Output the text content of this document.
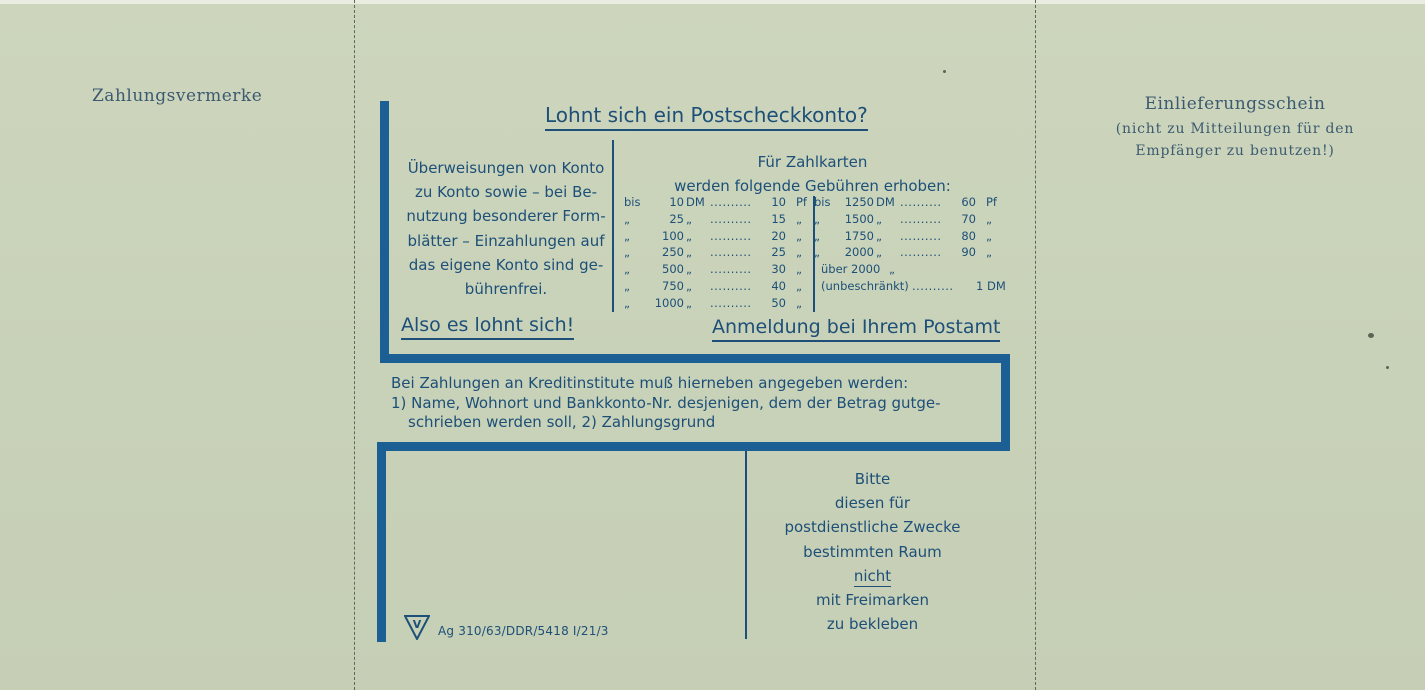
Zahlungsvermerke	Einlieferungsschein
(nicht zu Mitteilungen für den
Empfänger zu benutzen!)
Lohnt sich ein Postscheckkonto?
Überweisungen von Konto
zu Konto sowie – bei Be-
nutzung besonderer Form-
blätter – Einzahlungen auf
das eigene Konto sind ge-
bührenfrei.
Also es lohnt sich!	Anmeldung bei Ihrem Postamt
Für Zahlkarten
werden folgende Gebühren erhoben:
bis	10 DM .......... 10 Pf
„	25 „ .......... 15 „
„	100 „ .......... 20 „
„	250 „ .......... 25 „
„	500 „ .......... 30 „
„	750 „ .......... 40 „
„ 1000 „ .......... 50 „
bis 1250 DM .......... 60 Pf
„ 1500 „ .......... 70 „
„ 1750 „ .......... 80 „
„ 2000 „ .......... 90 „
über 2000 „
(unbeschränkt) .......... 1 DM
Bei Zahlungen an Kreditinstitute muß hierneben angegeben werden:
1) Name, Wohnort und Bankkonto-Nr. desjenigen, dem der Betrag gutge-
schrieben werden soll, 2) Zahlungsgrund
Bitte
diesen für
postdienstliche Zwecke
bestimmten Raum
nicht
mit Freimarken
zu bekleben
V Ag 310/63/DDR/5418 I/21/3
